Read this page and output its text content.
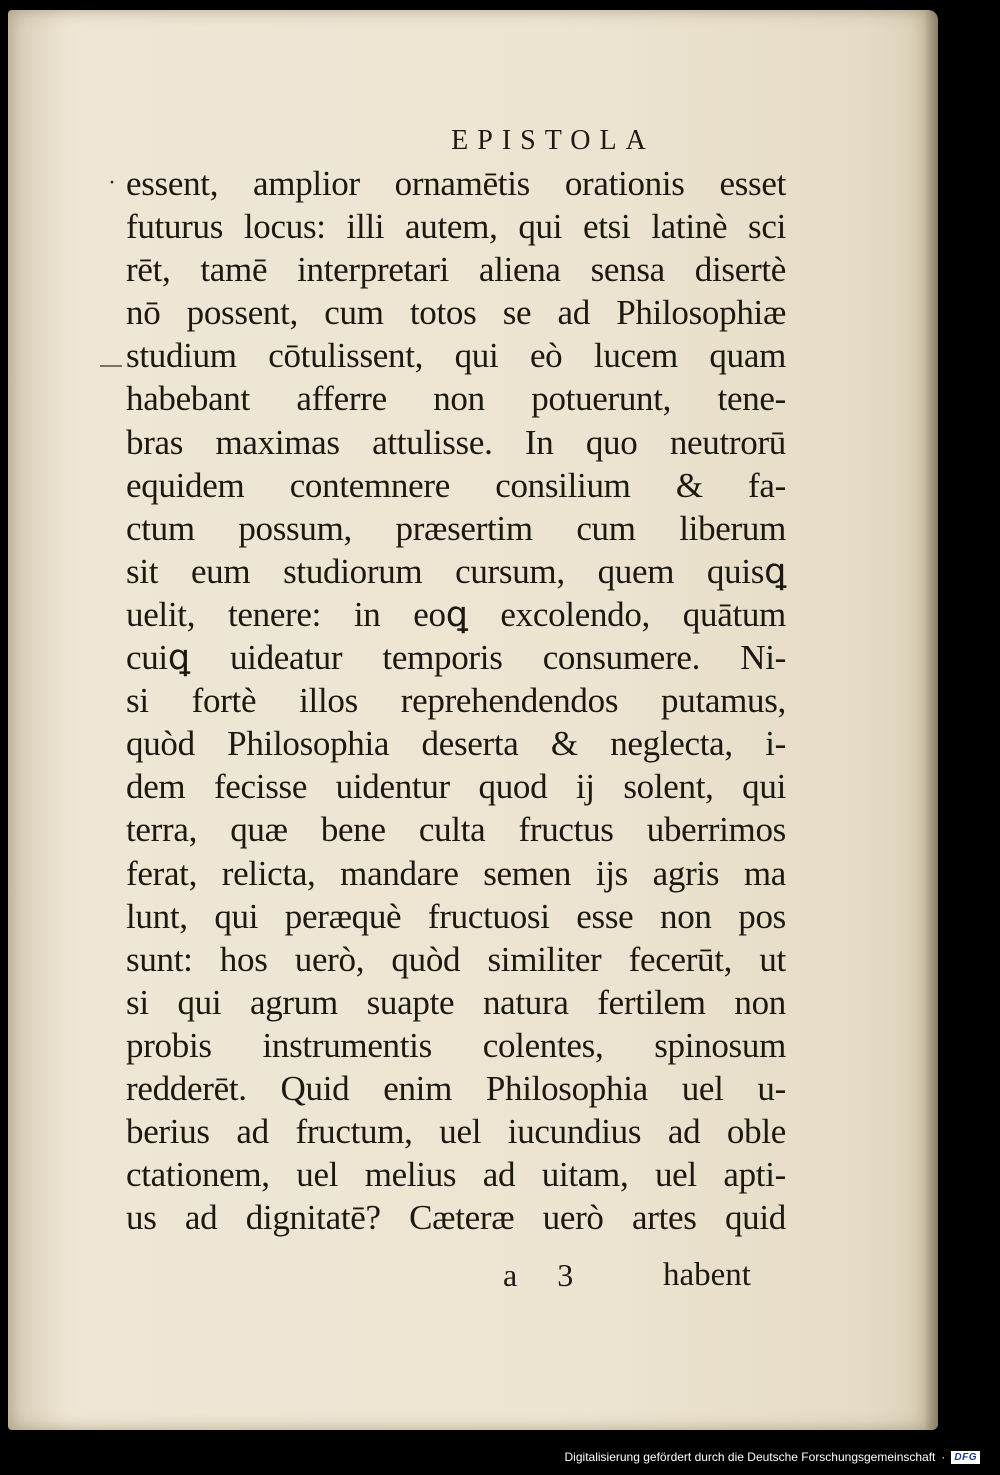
EPISTOLA
· essent, amplior ornamētis orationis esset
futurus locus: illi autem, qui etsi latinè sci
rēt, tamē interpretari aliena sensa disertè
nō possent, cum totos se ad Philosophiæ
studium cōtulissent, qui eò lucem quam
habebant afferre non potuerunt, tene-
bras maximas attulisse. In quo neutrorū
equidem contemnere consilium & fa-
ctum possum, præsertim cum liberum
sit eum studiorum cursum, quem quisꝗ
uelit, tenere: in eoꝗ excolendo, quātum
cuiꝗ uideatur temporis consumere. Ni-
si fortè illos reprehendendos putamus,
quòd Philosophia deserta & neglecta, i-
dem fecisse uidentur quod ij solent, qui
terra, quæ bene culta fructus uberrimos
ferat, relicta, mandare semen ijs agris ma
lunt, qui peræquè fructuosi esse non pos
sunt: hos uerò, quòd similiter fecerūt, ut
si qui agrum suapte natura fertilem non
probis instrumentis colentes, spinosum
redderēt. Quid enim Philosophia uel u-
berius ad fructum, uel iucundius ad oble
ctationem, uel melius ad uitam, uel apti-
us ad dignitatē? Cæteræ uerò artes quid
a 3 habent
Digitalisierung gefördert durch die Deutsche Forschungsgemeinschaft · DFG
